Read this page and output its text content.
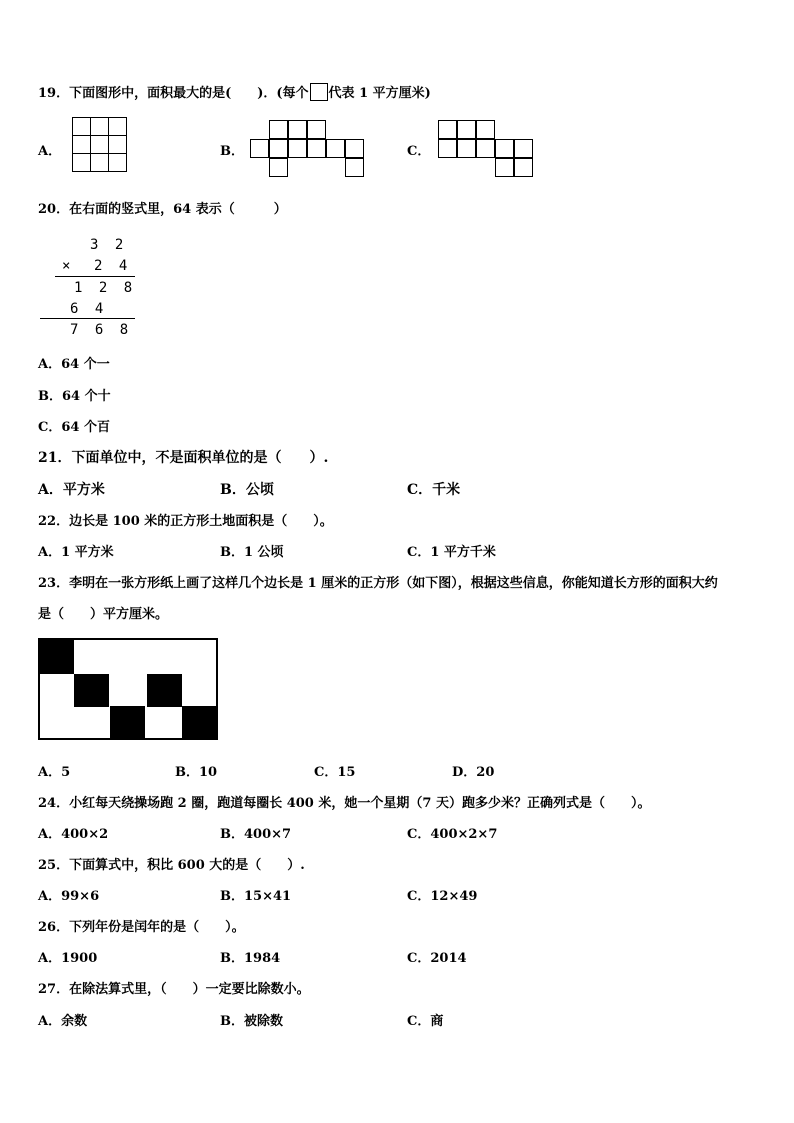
19．下面图形中，面积最大的是(　　)．(每个 代表 1 平方厘米)
A．	B．	C．
20．在右面的竖式里，64 表示（　　　）
3 2
× 2 4
1 2 8
6 4
7 6 8
A．64 个一
B．64 个十
C．64 个百
21．下面单位中，不是面积单位的是（　　）.
A．平方米	B．公顷	C．千米
22．边长是 100 米的正方形土地面积是（　　）。
A．1 平方米	B．1 公顷	C．1 平方千米
23．李明在一张方形纸上画了这样几个边长是 1 厘米的正方形（如下图），根据这些信息，你能知道长方形的面积大约
是（　　）平方厘米。
A．5	B．10	C．15	D．20
24．小红每天绕操场跑 2 圈，跑道每圈长 400 米，她一个星期（7 天）跑多少米？正确列式是（　　）。
A．400×2	B．400×7	C．400×2×7
25．下面算式中，积比 600 大的是（　　）.
A．99×6	B．15×41	C．12×49
26．下列年份是闰年的是（　　）。
A．1900	B．1984	C．2014
27．在除法算式里，（　　）一定要比除数小。
A．余数	B．被除数	C．商
